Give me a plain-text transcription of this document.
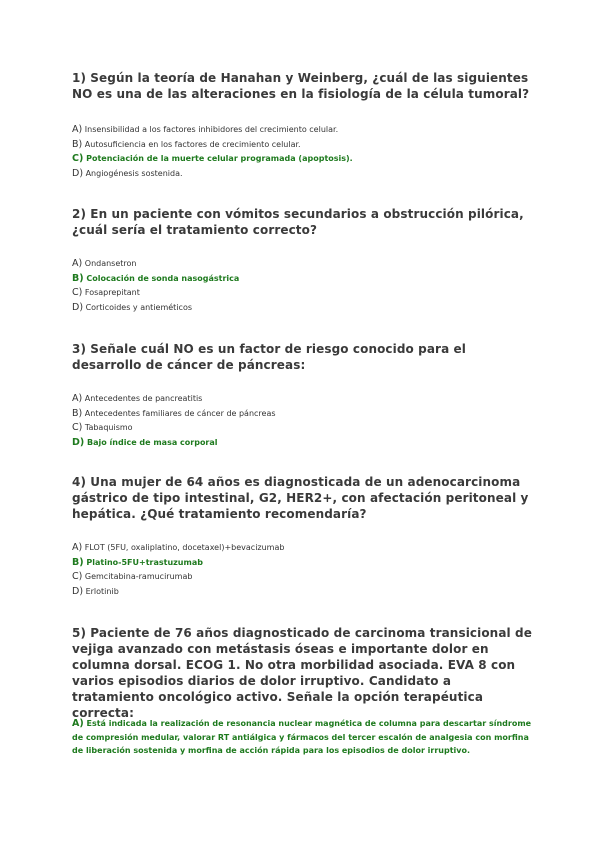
1) Según la teoría de Hanahan y Weinberg, ¿cuál de las siguientes NO es una de las alteraciones en la fisiología de la célula tumoral?
A) Insensibilidad a los factores inhibidores del crecimiento celular.
B) Autosuficiencia en los factores de crecimiento celular.
C) Potenciación de la muerte celular programada (apoptosis).
D) Angiogénesis sostenida.
2) En un paciente con vómitos secundarios a obstrucción pilórica, ¿cuál sería el tratamiento correcto?
A) Ondansetron
B) Colocación de sonda nasogástrica
C) Fosaprepitant
D) Corticoides y antieméticos
3) Señale cuál NO es un factor de riesgo conocido para el desarrollo de cáncer de páncreas:
A) Antecedentes de pancreatitis
B) Antecedentes familiares de cáncer de páncreas
C) Tabaquismo
D) Bajo índice de masa corporal
4) Una mujer de 64 años es diagnosticada de un adenocarcinoma gástrico de tipo intestinal, G2, HER2+, con afectación peritoneal y hepática. ¿Qué tratamiento recomendaría?
A) FLOT (5FU, oxaliplatino, docetaxel)+bevacizumab
B) Platino-5FU+trastuzumab
C) Gemcitabina-ramucirumab
D) Erlotinib
5) Paciente de 76 años diagnosticado de carcinoma transicional de vejiga avanzado con metástasis óseas e importante dolor en columna dorsal. ECOG 1. No otra morbilidad asociada. EVA 8 con varios episodios diarios de dolor irruptivo. Candidato a tratamiento oncológico activo. Señale la opción terapéutica correcta:
A) Está indicada la realización de resonancia nuclear magnética de columna para descartar síndrome de compresión medular, valorar RT antiálgica y fármacos del tercer escalón de analgesia con morfina de liberación sostenida y morfina de acción rápida para los episodios de dolor irruptivo.
